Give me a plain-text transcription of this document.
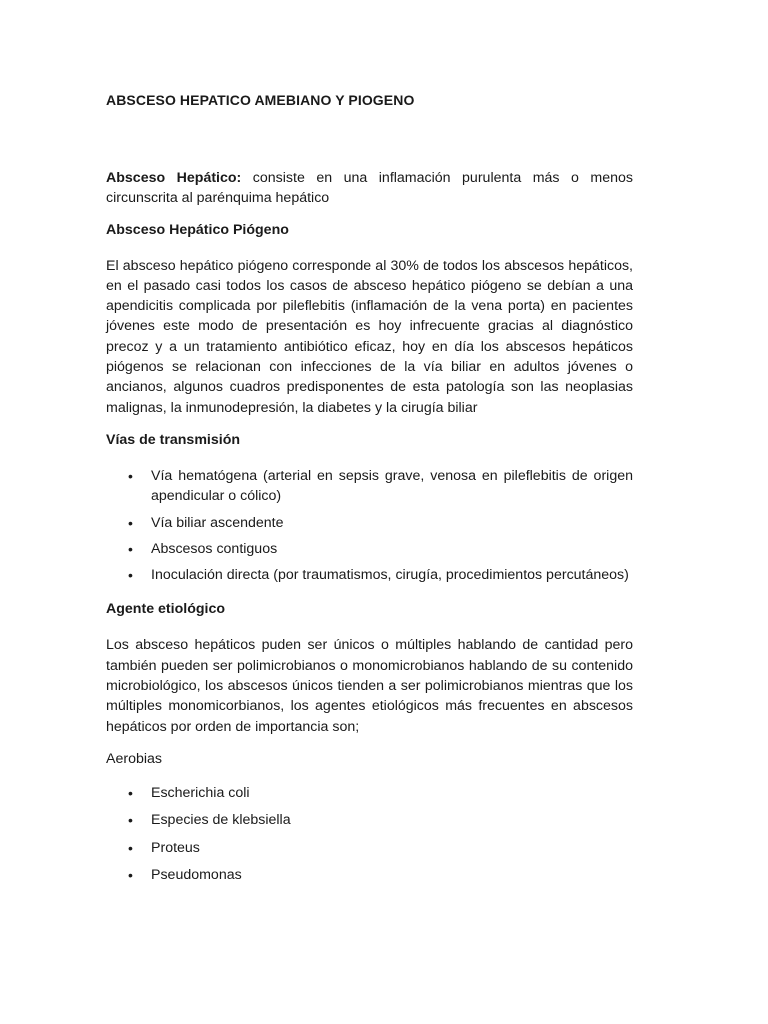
ABSCESO HEPATICO AMEBIANO Y PIOGENO

Absceso Hepático: consiste en una inflamación purulenta más o menos circunscrita al parénquima hepático

Absceso Hepático Piógeno

El absceso hepático piógeno corresponde al 30% de todos los abscesos hepáticos, en el pasado casi todos los casos de absceso hepático piógeno se debían a una apendicitis complicada por pileflebitis (inflamación de la vena porta) en pacientes jóvenes este modo de presentación es hoy infrecuente gracias al diagnóstico precoz y a un tratamiento antibiótico eficaz, hoy en día los abscesos hepáticos piógenos se relacionan con infecciones de la vía biliar en adultos jóvenes o ancianos, algunos cuadros predisponentes de esta patología son las neoplasias malignas, la inmunodepresión, la diabetes y la cirugía biliar

Vías de transmisión
• Vía hematógena (arterial en sepsis grave, venosa en pileflebitis de origen apendicular o cólico)
• Vía biliar ascendente
• Abscesos contiguos
• Inoculación directa (por traumatismos, cirugía, procedimientos percutáneos)
Agente etiológico

Los absceso hepáticos puden ser únicos o múltiples hablando de cantidad pero también pueden ser polimicrobianos o monomicrobianos hablando de su contenido microbiológico, los abscesos únicos tienden a ser polimicrobianos mientras que los múltiples monomicorbianos, los agentes etiológicos más frecuentes en abscesos hepáticos por orden de importancia son;

Aerobias
• Escherichia coli
• Especies de klebsiella
• Proteus
• Pseudomonas
